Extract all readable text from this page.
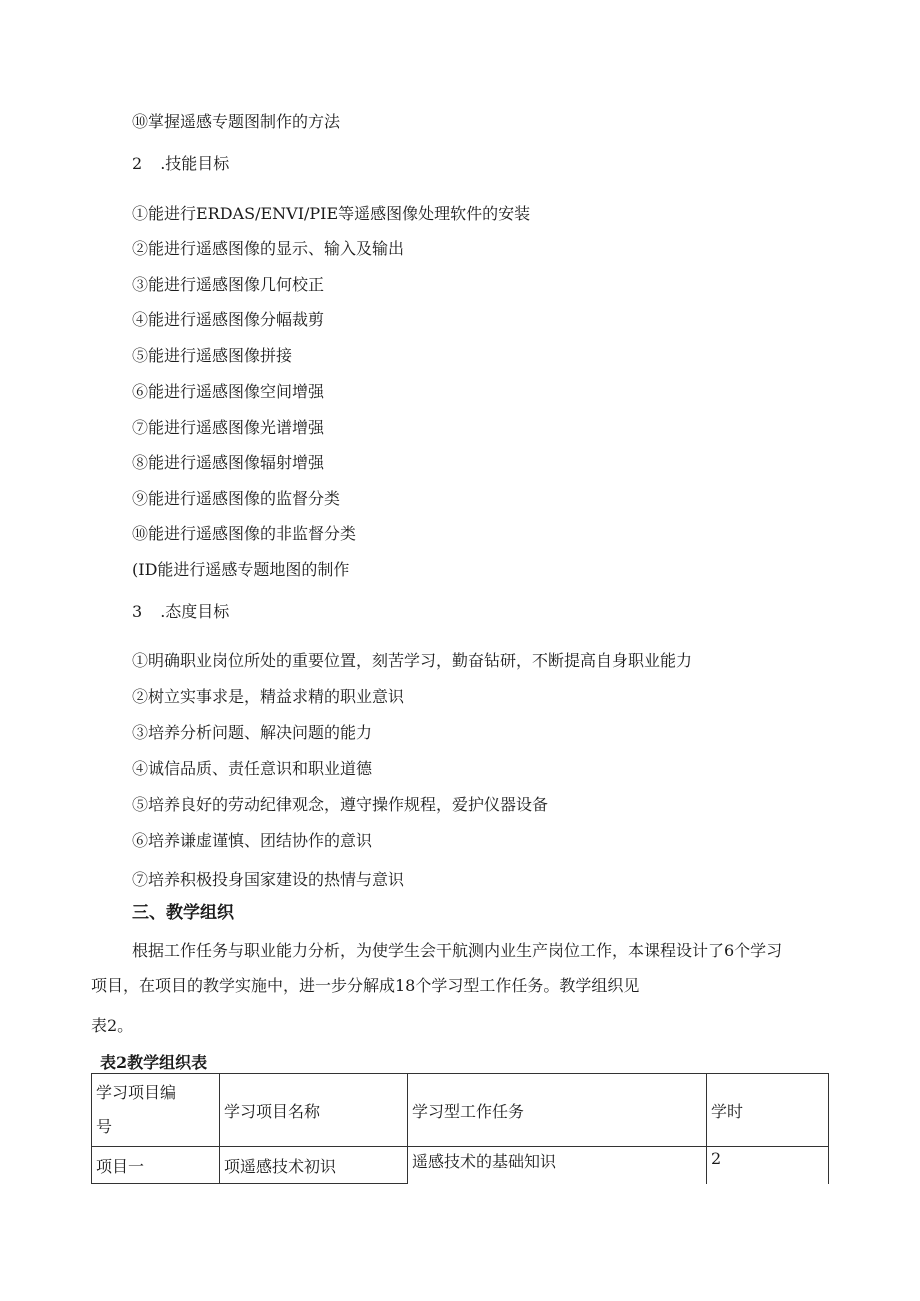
⑩掌握遥感专题图制作的方法
2 .技能目标
①能进行ERDAS/ENVI/PIE等遥感图像处理软件的安装
②能进行遥感图像的显示、输入及输出
③能进行遥感图像几何校正
④能进行遥感图像分幅裁剪
⑤能进行遥感图像拼接
⑥能进行遥感图像空间增强
⑦能进行遥感图像光谱增强
⑧能进行遥感图像辐射增强
⑨能进行遥感图像的监督分类
⑩能进行遥感图像的非监督分类
(ID能进行遥感专题地图的制作
3 .态度目标
①明确职业岗位所处的重要位置，刻苦学习，勤奋钻研，不断提高自身职业能力
②树立实事求是，精益求精的职业意识
③培养分析问题、解决问题的能力
④诚信品质、责任意识和职业道德
⑤培养良好的劳动纪律观念，遵守操作规程，爱护仪器设备
⑥培养谦虚谨慎、团结协作的意识
⑦培养积极投身国家建设的热情与意识
三、教学组织
根据工作任务与职业能力分析，为使学生会干航测内业生产岗位工作，本课程设计了6个学习
项目，在项目的教学实施中，进一步分解成18个学习型工作任务。教学组织见
表2。
表2教学组织表
学习项目编
号	学习项目名称	学习型工作任务	学时
项目一	项遥感技术初识	遥感技术的基础知识	2
